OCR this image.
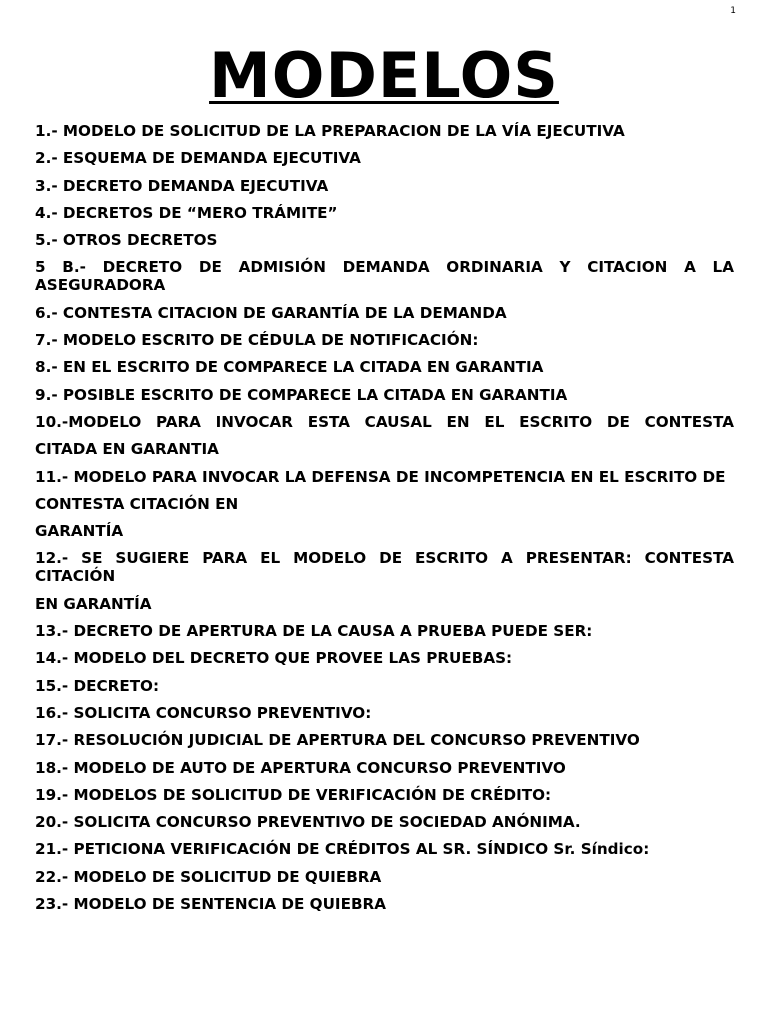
1
MODELOS
1.- MODELO DE SOLICITUD DE LA PREPARACION DE LA VÍA EJECUTIVA
2.- ESQUEMA DE DEMANDA EJECUTIVA
3.- DECRETO DEMANDA EJECUTIVA
4.- DECRETOS DE “MERO TRÁMITE”
5.- OTROS DECRETOS
5 B.- DECRETO DE ADMISIÓN DEMANDA ORDINARIA Y CITACION A LA ASEGURADORA
6.- CONTESTA CITACION DE GARANTÍA DE LA DEMANDA
7.- MODELO ESCRITO DE CÉDULA DE NOTIFICACIÓN:
8.- EN EL ESCRITO DE COMPARECE LA CITADA EN GARANTIA
9.- POSIBLE ESCRITO DE COMPARECE LA CITADA EN GARANTIA
10.-MODELO PARA INVOCAR ESTA CAUSAL EN EL ESCRITO DE CONTESTA
CITADA EN GARANTIA
11.- MODELO PARA INVOCAR LA DEFENSA DE INCOMPETENCIA EN EL ESCRITO DE
CONTESTA CITACIÓN EN
GARANTÍA
12.- SE SUGIERE PARA EL MODELO DE ESCRITO A PRESENTAR: CONTESTA CITACIÓN
EN GARANTÍA
13.- DECRETO DE APERTURA DE LA CAUSA A PRUEBA PUEDE SER:
14.- MODELO DEL DECRETO QUE PROVEE LAS PRUEBAS:
15.- DECRETO:
16.- SOLICITA CONCURSO PREVENTIVO:
17.- RESOLUCIÓN JUDICIAL DE APERTURA DEL CONCURSO PREVENTIVO
18.- MODELO DE AUTO DE APERTURA CONCURSO PREVENTIVO
19.- MODELOS DE SOLICITUD DE VERIFICACIÓN DE CRÉDITO:
20.- SOLICITA CONCURSO PREVENTIVO DE SOCIEDAD ANÓNIMA.
21.- PETICIONA VERIFICACIÓN DE CRÉDITOS AL SR. SÍNDICO Sr. Síndico:
22.- MODELO DE SOLICITUD DE QUIEBRA
23.- MODELO DE SENTENCIA DE QUIEBRA
